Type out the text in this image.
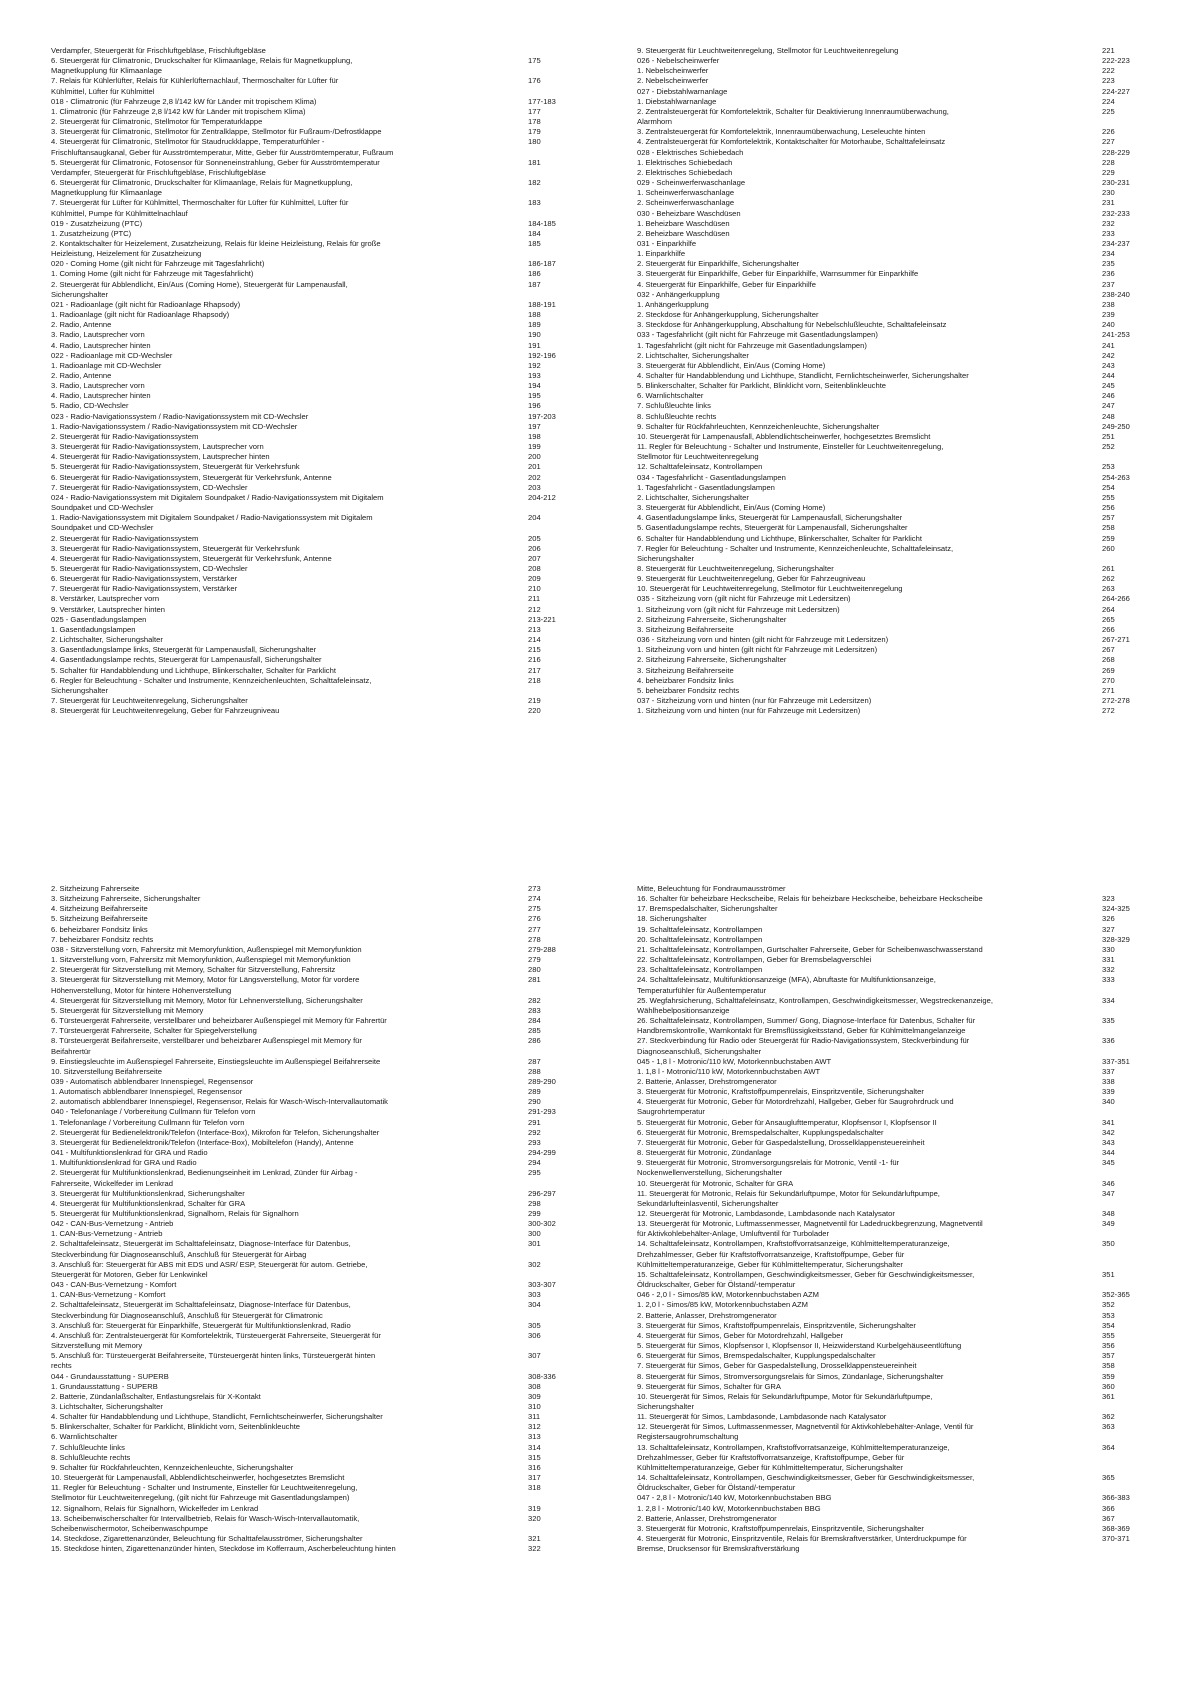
Verdampfer, Steuergerät für Frischluftgebläse, Frischluftgebläse
6. Steuergerät für Climatronic, Druckschalter für Klimaanlage, Relais für Magnetkupplung,	175
Magnetkupplung für Klimaanlage
7. Relais für Kühlerlüfter, Relais für Kühlerlüfternachlauf, Thermoschalter für Lüfter für	176
Kühlmittel, Lüfter für Kühlmittel
018 - Climatronic (für Fahrzeuge 2,8 l/142 kW für Länder mit tropischem Klima)	177-183
1. Climatronic (für Fahrzeuge 2,8 l/142 kW für Länder mit tropischem Klima)	177
2. Steuergerät für Climatronic, Stellmotor für Temperaturklappe	178
3. Steuergerät für Climatronic, Stellmotor für Zentralklappe, Stellmotor für Fußraum-/Defrostklappe	179
4. Steuergerät für Climatronic, Stellmotor für Staudruckklappe, Temperaturfühler -	180
Frischluftansaugkanal, Geber für Ausströmtemperatur, Mitte, Geber für Ausströmtemperatur, Fußraum
5. Steuergerät für Climatronic, Fotosensor für Sonneneinstrahlung, Geber für Ausströmtemperatur	181
Verdampfer, Steuergerät für Frischluftgebläse, Frischluftgebläse
6. Steuergerät für Climatronic, Druckschalter für Klimaanlage, Relais für Magnetkupplung,	182
Magnetkupplung für Klimaanlage
7. Steuergerät für Lüfter für Kühlmittel, Thermoschalter für Lüfter für Kühlmittel, Lüfter für	183
Kühlmittel, Pumpe für Kühlmittelnachlauf
019 - Zusatzheizung (PTC)	184-185
1. Zusatzheizung (PTC)	184
2. Kontaktschalter für Heizelement, Zusatzheizung, Relais für kleine Heizleistung, Relais für große	185
Heizleistung, Heizelement für Zusatzheizung
020 - Coming Home (gilt nicht für Fahrzeuge mit Tagesfahrlicht)	186-187
1. Coming Home (gilt nicht für Fahrzeuge mit Tagesfahrlicht)	186
2. Steuergerät für Abblendlicht, Ein/Aus (Coming Home), Steuergerät für Lampenausfall,	187
Sicherungshalter
021 - Radioanlage (gilt nicht für Radioanlage Rhapsody)	188-191
1. Radioanlage (gilt nicht für Radioanlage Rhapsody)	188
2. Radio, Antenne	189
3. Radio, Lautsprecher vorn	190
4. Radio, Lautsprecher hinten	191
022 - Radioanlage mit CD-Wechsler	192-196
1. Radioanlage mit CD-Wechsler	192
2. Radio, Antenne	193
3. Radio, Lautsprecher vorn	194
4. Radio, Lautsprecher hinten	195
5. Radio, CD-Wechsler	196
023 - Radio-Navigationssystem / Radio-Navigationssystem mit CD-Wechsler	197-203
1. Radio-Navigationssystem / Radio-Navigationssystem mit CD-Wechsler	197
2. Steuergerät für Radio-Navigationssystem	198
3. Steuergerät für Radio-Navigationssystem, Lautsprecher vorn	199
4. Steuergerät für Radio-Navigationssystem, Lautsprecher hinten	200
5. Steuergerät für Radio-Navigationssystem, Steuergerät für Verkehrsfunk	201
6. Steuergerät für Radio-Navigationssystem, Steuergerät für Verkehrsfunk, Antenne	202
7. Steuergerät für Radio-Navigationssystem, CD-Wechsler	203
024 - Radio-Navigationssystem mit Digitalem Soundpaket / Radio-Navigationssystem mit Digitalem	204-212
Soundpaket und CD-Wechsler
1. Radio-Navigationssystem mit Digitalem Soundpaket / Radio-Navigationssystem mit Digitalem	204
Soundpaket und CD-Wechsler
2. Steuergerät für Radio-Navigationssystem	205
3. Steuergerät für Radio-Navigationssystem, Steuergerät für Verkehrsfunk	206
4. Steuergerät für Radio-Navigationssystem, Steuergerät für Verkehrsfunk, Antenne	207
5. Steuergerät für Radio-Navigationssystem, CD-Wechsler	208
6. Steuergerät für Radio-Navigationssystem, Verstärker	209
7. Steuergerät für Radio-Navigationssystem, Verstärker	210
8. Verstärker, Lautsprecher vorn	211
9. Verstärker, Lautsprecher hinten	212
025 - Gasentladungslampen	213-221
1. Gasentladungslampen	213
2. Lichtschalter, Sicherungshalter	214
3. Gasentladungslampe links, Steuergerät für Lampenausfall, Sicherungshalter	215
4. Gasentladungslampe rechts, Steuergerät für Lampenausfall, Sicherungshalter	216
5. Schalter für Handabblendung und Lichthupe, Blinkerschalter, Schalter für Parklicht	217
6. Regler für Beleuchtung - Schalter und Instrumente, Kennzeichenleuchten, Schalttafeleinsatz,	218
Sicherungshalter
7. Steuergerät für Leuchtweitenregelung, Sicherungshalter	219
8. Steuergerät für Leuchtweitenregelung, Geber für Fahrzeugniveau	220
9. Steuergerät für Leuchtweitenregelung, Stellmotor für Leuchtweitenregelung	221
026 - Nebelscheinwerfer	222-223
1. Nebelscheinwerfer	222
2. Nebelscheinwerfer	223
027 - Diebstahlwarnanlage	224-227
1. Diebstahlwarnanlage	224
2. Zentralsteuergerät für Komfortelektrik, Schalter für Deaktivierung Innenraumüberwachung,	225
Alarmhorn
3. Zentralsteuergerät für Komfortelektrik, Innenraumüberwachung, Leseleuchte hinten	226
4. Zentralsteuergerät für Komfortelektrik, Kontaktschalter für Motorhaube, Schalttafeleinsatz	227
028 - Elektrisches Schiebedach	228-229
1. Elektrisches Schiebedach	228
2. Elektrisches Schiebedach	229
029 - Scheinwerferwaschanlage	230-231
1. Scheinwerferwaschanlage	230
2. Scheinwerferwaschanlage	231
030 - Beheizbare Waschdüsen	232-233
1. Beheizbare Waschdüsen	232
2. Beheizbare Waschdüsen	233
031 - Einparkhilfe	234-237
1. Einparkhilfe	234
2. Steuergerät für Einparkhilfe, Sicherungshalter	235
3. Steuergerät für Einparkhilfe, Geber für Einparkhilfe, Warnsummer für Einparkhilfe	236
4. Steuergerät für Einparkhilfe, Geber für Einparkhilfe	237
032 - Anhängerkupplung	238-240
1. Anhängerkupplung	238
2. Steckdose für Anhängerkupplung, Sicherungshalter	239
3. Steckdose für Anhängerkupplung, Abschaltung für Nebelschlußleuchte, Schalttafeleinsatz	240
033 - Tagesfahrlicht (gilt nicht für Fahrzeuge mit Gasentladungslampen)	241-253
1. Tagesfahrlicht (gilt nicht für Fahrzeuge mit Gasentladungslampen)	241
2. Lichtschalter, Sicherungshalter	242
3. Steuergerät für Abblendlicht, Ein/Aus (Coming Home)	243
4. Schalter für Handabblendung und Lichthupe, Standlicht, Fernlichtscheinwerfer, Sicherungshalter	244
5. Blinkerschalter, Schalter für Parklicht, Blinklicht vorn, Seitenblinkleuchte	245
6. Warnlichtschalter	246
7. Schlußleuchte links	247
8. Schlußleuchte rechts	248
9. Schalter für Rückfahrleuchten, Kennzeichenleuchte, Sicherungshalter	249-250
10. Steuergerät für Lampenausfall, Abblendlichtscheinwerfer, hochgesetztes Bremslicht	251
11. Regler für Beleuchtung - Schalter und Instrumente, Einsteller für Leuchtweitenregelung,	252
Stellmotor für Leuchtweitenregelung
12. Schalttafeleinsatz, Kontrollampen	253
034 - Tagesfahrlicht - Gasentladungslampen	254-263
1. Tagesfahrlicht - Gasentladungslampen	254
2. Lichtschalter, Sicherungshalter	255
3. Steuergerät für Abblendlicht, Ein/Aus (Coming Home)	256
4. Gasentladungslampe links, Steuergerät für Lampenausfall, Sicherungshalter	257
5. Gasentladungslampe rechts, Steuergerät für Lampenausfall, Sicherungshalter	258
6. Schalter für Handabblendung und Lichthupe, Blinkerschalter, Schalter für Parklicht	259
7. Regler für Beleuchtung - Schalter und Instrumente, Kennzeichenleuchte, Schalttafeleinsatz,	260
Sicherungshalter
8. Steuergerät für Leuchtweitenregelung, Sicherungshalter	261
9. Steuergerät für Leuchtweitenregelung, Geber für Fahrzeugniveau	262
10. Steuergerät für Leuchtweitenregelung, Stellmotor für Leuchtweitenregelung	263
035 - Sitzheizung vorn (gilt nicht für Fahrzeuge mit Ledersitzen)	264-266
1. Sitzheizung vorn (gilt nicht für Fahrzeuge mit Ledersitzen)	264
2. Sitzheizung Fahrerseite, Sicherungshalter	265
3. Sitzheizung Beifahrerseite	266
036 - Sitzheizung vorn und hinten (gilt nicht für Fahrzeuge mit Ledersitzen)	267-271
1. Sitzheizung vorn und hinten (gilt nicht für Fahrzeuge mit Ledersitzen)	267
2. Sitzheizung Fahrerseite, Sicherungshalter	268
3. Sitzheizung Beifahrerseite	269
4. beheizbarer Fondsitz links	270
5. beheizbarer Fondsitz rechts	271
037 - Sitzheizung vorn und hinten (nur für Fahrzeuge mit Ledersitzen)	272-278
1. Sitzheizung vorn und hinten (nur für Fahrzeuge mit Ledersitzen)	272
2. Sitzheizung Fahrerseite	273
3. Sitzheizung Fahrerseite, Sicherungshalter	274
4. Sitzheizung Beifahrerseite	275
5. Sitzheizung Beifahrerseite	276
6. beheizbarer Fondsitz links	277
7. beheizbarer Fondsitz rechts	278
038 - Sitzverstellung vorn, Fahrersitz mit Memoryfunktion, Außenspiegel mit Memoryfunktion	279-288
1. Sitzverstellung vorn, Fahrersitz mit Memoryfunktion, Außenspiegel mit Memoryfunktion	279
2. Steuergerät für Sitzverstellung mit Memory, Schalter für Sitzverstellung, Fahrersitz	280
3. Steuergerät für Sitzverstellung mit Memory, Motor für Längsverstellung, Motor für vordere	281
Höhenverstellung, Motor für hintere Höhenverstellung
4. Steuergerät für Sitzverstellung mit Memory, Motor für Lehnenverstellung, Sicherungshalter	282
5. Steuergerät für Sitzverstellung mit Memory	283
6. Türsteuergerät Fahrerseite, verstellbarer und beheizbarer Außenspiegel mit Memory für Fahrertür	284
7. Türsteuergerät Fahrerseite, Schalter für Spiegelverstellung	285
8. Türsteuergerät Beifahrerseite, verstellbarer und beheizbarer Außenspiegel mit Memory für	286
Beifahrertür
9. Einstiegsleuchte im Außenspiegel Fahrerseite, Einstiegsleuchte im Außenspiegel Beifahrerseite	287
10. Sitzverstellung Beifahrerseite	288
039 - Automatisch abblendbarer Innenspiegel, Regensensor	289-290
1. Automatisch abblendbarer Innenspiegel, Regensensor	289
2. automatisch abblendbarer Innenspiegel, Regensensor, Relais für Wasch-Wisch-Intervallautomatik	290
040 - Telefonanlage / Vorbereitung Cullmann für Telefon vorn	291-293
1. Telefonanlage / Vorbereitung Cullmann für Telefon vorn	291
2. Steuergerät für Bedienelektronik/Telefon (Interface-Box), Mikrofon für Telefon, Sicherungshalter	292
3. Steuergerät für Bedienelektronik/Telefon (Interface-Box), Mobiltelefon (Handy), Antenne	293
041 - Multifunktionslenkrad für GRA und Radio	294-299
1. Multifunktionslenkrad für GRA und Radio	294
2. Steuergerät für Multifunktionslenkrad, Bedienungseinheit im Lenkrad, Zünder für Airbag -	295
Fahrerseite, Wickelfeder im Lenkrad
3. Steuergerät für Multifunktionslenkrad, Sicherungshalter	296-297
4. Steuergerät für Multifunktionslenkrad, Schalter für GRA	298
5. Steuergerät für Multifunktionslenkrad, Signalhorn, Relais für Signalhorn	299
042 - CAN-Bus-Vernetzung - Antrieb	300-302
1. CAN-Bus-Vernetzung - Antrieb	300
2. Schalttafeleinsatz, Steuergerät im Schalttafeleinsatz, Diagnose-Interface für Datenbus,	301
Steckverbindung für Diagnoseanschluß, Anschluß für Steuergerät für Airbag
3. Anschluß für: Steuergerät für ABS mit EDS und ASR/ ESP, Steuergerät für autom. Getriebe,	302
Steuergerät für Motoren, Geber für Lenkwinkel
043 - CAN-Bus-Vernetzung - Komfort	303-307
1. CAN-Bus-Vernetzung - Komfort	303
2. Schalttafeleinsatz, Steuergerät im Schalttafeleinsatz, Diagnose-Interface für Datenbus,	304
Steckverbindung für Diagnoseanschluß, Anschluß für Steuergerät für Climatronic
3. Anschluß für: Steuergerät für Einparkhilfe, Steuergerät für Multifunktionslenkrad, Radio	305
4. Anschluß für: Zentralsteuergerät für Komfortelektrik, Türsteuergerät Fahrerseite, Steuergerät für	306
Sitzverstellung mit Memory
5. Anschluß für: Türsteuergerät Beifahrerseite, Türsteuergerät hinten links, Türsteuergerät hinten	307
rechts
044 - Grundausstattung - SUPERB	308-336
1. Grundausstattung - SUPERB	308
2. Batterie, Zündanlaßschalter, Entlastungsrelais für X-Kontakt	309
3. Lichtschalter, Sicherungshalter	310
4. Schalter für Handabblendung und Lichthupe, Standlicht, Fernlichtscheinwerfer, Sicherungshalter	311
5. Blinkerschalter, Schalter für Parklicht, Blinklicht vorn, Seitenblinkleuchte	312
6. Warnlichtschalter	313
7. Schlußleuchte links	314
8. Schlußleuchte rechts	315
9. Schalter für Rückfahrleuchten, Kennzeichenleuchte, Sicherungshalter	316
10. Steuergerät für Lampenausfall, Abblendlichtscheinwerfer, hochgesetztes Bremslicht	317
11. Regler für Beleuchtung - Schalter und Instrumente, Einsteller für Leuchtweitenregelung,	318
Stellmotor für Leuchtweitenregelung, (gilt nicht für Fahrzeuge mit Gasentladungslampen)
12. Signalhorn, Relais für Signalhorn, Wickelfeder im Lenkrad	319
13. Scheibenwischerschalter für Intervallbetrieb, Relais für Wasch-Wisch-Intervallautomatik,	320
Scheibenwischermotor, Scheibenwaschpumpe
14. Steckdose, Zigarettenanzünder, Beleuchtung für Schalttafelausströmer, Sicherungshalter	321
15. Steckdose hinten, Zigarettenanzünder hinten, Steckdose im Kofferraum, Ascherbeleuchtung hinten	322
Mitte, Beleuchtung für Fondraumausströmer
16. Schalter für beheizbare Heckscheibe, Relais für beheizbare Heckscheibe, beheizbare Heckscheibe	323
17. Bremspedalschalter, Sicherungshalter	324-325
18. Sicherungshalter	326
19. Schalttafeleinsatz, Kontrollampen	327
20. Schalttafeleinsatz, Kontrollampen	328-329
21. Schalttafeleinsatz, Kontrollampen, Gurtschalter Fahrerseite, Geber für Scheibenwaschwasserstand	330
22. Schalttafeleinsatz, Kontrollampen, Geber für Bremsbelagverschlei	331
23. Schalttafeleinsatz, Kontrollampen	332
24. Schalttafeleinsatz, Multifunktionsanzeige (MFA), Abruftaste für Multifunktionsanzeige,	333
Temperaturfühler für Außentemperatur
25. Wegfahrsicherung, Schalttafeleinsatz, Kontrollampen, Geschwindigkeitsmesser, Wegstreckenanzeige,	334
Wählhebelpositionsanzeige
26. Schalttafeleinsatz, Kontrollampen, Summer/ Gong, Diagnose-Interface für Datenbus, Schalter für	335
Handbremskontrolle, Warnkontakt für Bremsflüssigkeitsstand, Geber für Kühlmittelmangelanzeige
27. Steckverbindung für Radio oder Steuergerät für Radio-Navigationssystem, Steckverbindung für	336
Diagnoseanschluß, Sicherungshalter
045 - 1,8 l - Motronic/110 kW, Motorkennbuchstaben AWT	337-351
1. 1,8 l - Motronic/110 kW, Motorkennbuchstaben AWT	337
2. Batterie, Anlasser, Drehstromgenerator	338
3. Steuergerät für Motronic, Kraftstoffpumpenrelais, Einspritzventile, Sicherungshalter	339
4. Steuergerät für Motronic, Geber für Motordrehzahl, Hallgeber, Geber für Saugrohrdruck und	340
Saugrohrtemperatur
5. Steuergerät für Motronic, Geber für Ansauglufttemperatur, Klopfsensor I, Klopfsensor II	341
6. Steuergerät für Motronic, Bremspedalschalter, Kupplungspedalschalter	342
7. Steuergerät für Motronic, Geber für Gaspedalstellung, Drosselklappensteuereinheit	343
8. Steuergerät für Motronic, Zündanlage	344
9. Steuergerät für Motronic, Stromversorgungsrelais für Motronic, Ventil -1- für	345
Nockenwellenverstellung, Sicherungshalter
10. Steuergerät für Motronic, Schalter für GRA	346
11. Steuergerät für Motronic, Relais für Sekundärluftpumpe, Motor für Sekundärluftpumpe,	347
Sekundärlufteinlasventil, Sicherungshalter
12. Steuergerät für Motronic, Lambdasonde, Lambdasonde nach Katalysator	348
13. Steuergerät für Motronic, Luftmassenmesser, Magnetventil für Ladedruckbegrenzung, Magnetventil	349
für Aktivkohlebehälter-Anlage, Umluftventil für Turbolader
14. Schalttafeleinsatz, Kontrollampen, Kraftstoffvorratsanzeige, Kühlmitteltemperaturanzeige,	350
Drehzahlmesser, Geber für Kraftstoffvorratsanzeige, Kraftstoffpumpe, Geber für
Kühlmitteltemperaturanzeige, Geber für Kühlmitteltemperatur, Sicherungshalter
15. Schalttafeleinsatz, Kontrollampen, Geschwindigkeitsmesser, Geber für Geschwindigkeitsmesser,	351
Öldruckschalter, Geber für Ölstand/-temperatur
046 - 2,0 l - Simos/85 kW, Motorkennbuchstaben AZM	352-365
1. 2,0 l - Simos/85 kW, Motorkennbuchstaben AZM	352
2. Batterie, Anlasser, Drehstromgenerator	353
3. Steuergerät für Simos, Kraftstoffpumpenrelais, Einspritzventile, Sicherungshalter	354
4. Steuergerät für Simos, Geber für Motordrehzahl, Hallgeber	355
5. Steuergerät für Simos, Klopfsensor I, Klopfsensor II, Heizwiderstand Kurbelgehäuseentlüftung	356
6. Steuergerät für Simos, Bremspedalschalter, Kupplungspedalschalter	357
7. Steuergerät für Simos, Geber für Gaspedalstellung, Drosselklappensteuereinheit	358
8. Steuergerät für Simos, Stromversorgungsrelais für Simos, Zündanlage, Sicherungshalter	359
9. Steuergerät für Simos, Schalter für GRA	360
10. Steuergerät für Simos, Relais für Sekundärluftpumpe, Motor für Sekundärluftpumpe,	361
Sicherungshalter
11. Steuergerät für Simos, Lambdasonde, Lambdasonde nach Katalysator	362
12. Steuergerät für Simos, Luftmassenmesser, Magnetventil für Aktivkohlebehälter-Anlage, Ventil für	363
Registersaugrohrumschaltung
13. Schalttafeleinsatz, Kontrollampen, Kraftstoffvorratsanzeige, Kühlmitteltemperaturanzeige,	364
Drehzahlmesser, Geber für Kraftstoffvorratsanzeige, Kraftstoffpumpe, Geber für
Kühlmitteltemperaturanzeige, Geber für Kühlmitteltemperatur, Sicherungshalter
14. Schalttafeleinsatz, Kontrollampen, Geschwindigkeitsmesser, Geber für Geschwindigkeitsmesser,	365
Öldruckschalter, Geber für Ölstand/-temperatur
047 - 2,8 l - Motronic/140 kW, Motorkennbuchstaben BBG	366-383
1. 2,8 l - Motronic/140 kW, Motorkennbuchstaben BBG	366
2. Batterie, Anlasser, Drehstromgenerator	367
3. Steuergerät für Motronic, Kraftstoffpumpenrelais, Einspritzventile, Sicherungshalter	368-369
4. Steuergerät für Motronic, Einspritzventile, Relais für Bremskraftverstärker, Unterdruckpumpe für	370-371
Bremse, Drucksensor für Bremskraftverstärkung
